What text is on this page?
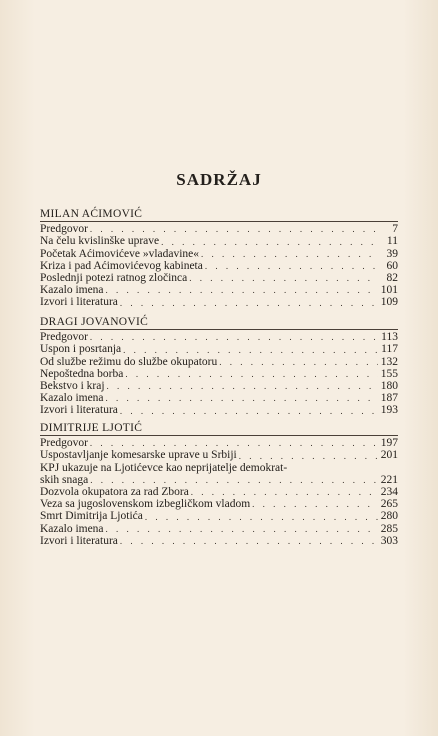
SADRŽAJ
MILAN AĆIMOVIĆ
Predgovor . . .	7
Na čelu kvislinške uprave . . .	11
Početak Aćimovićeve »vladavine« . . .	39
Kriza i pad Aćimovićevog kabineta . . .	60
Poslednji potezi ratnog zločinca . . .	82
Kazalo imena . . .	101
Izvori i literatura . . .	109
DRAGI JOVANOVIĆ
Predgovor . . .	113
Uspon i posrtanja . . .	117
Od službe režimu do službe okupatoru . . .	132
Nepoštedna borba . . .	155
Bekstvo i kraj . . .	180
Kazalo imena . . .	187
Izvori i literatura . . .	193
DIMITRIJE LJOTIĆ
Predgovor . . .	197
Uspostavljanje komesarske uprave u Srbiji . . .	201
KPJ ukazuje na Ljotićevce kao neprijatelje demokrat-
skih snaga . . .	221
Dozvola okupatora za rad Zbora . . .	234
Veza sa jugoslovenskom izbegličkom vladom . . .	265
Smrt Dimitrija Ljotića . . .	280
Kazalo imena . . .	285
Izvori i literatura . . .	303
